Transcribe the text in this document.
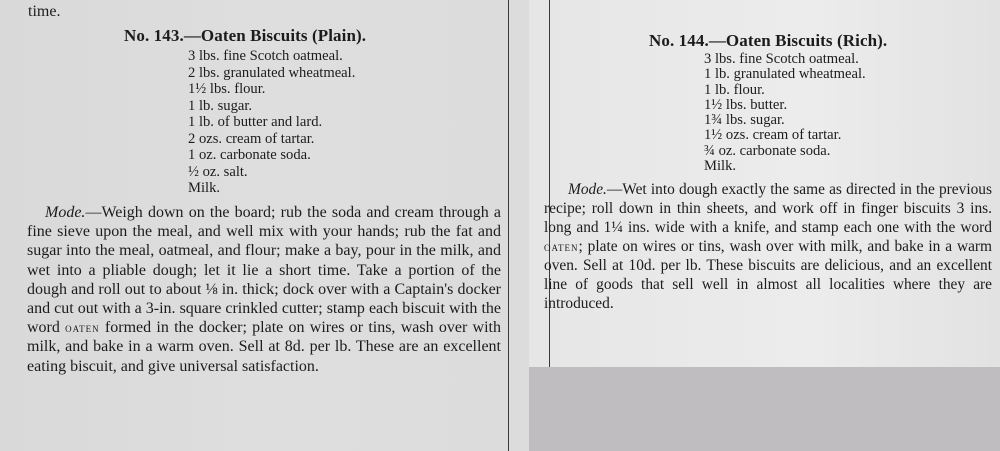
time.
No. 143.—Oaten Biscuits (Plain).
3 lbs. fine Scotch oatmeal.
2 lbs. granulated wheatmeal.
1½ lbs. flour.
1 lb. sugar.
1 lb. of butter and lard.
2 ozs. cream of tartar.
1 oz. carbonate soda.
½ oz. salt.
Milk.
Mode.—Weigh down on the board; rub the soda and cream through a fine sieve upon the meal, and well mix with your hands; rub the fat and sugar into the meal, oatmeal, and flour; make a bay, pour in the milk, and wet into a pliable dough; let it lie a short time. Take a portion of the dough and roll out to about ⅛ in. thick; dock over with a Captain's docker and cut out with a 3-in. square crinkled cutter; stamp each biscuit with the word oaten formed in the docker; plate on wires or tins, wash over with milk, and bake in a warm oven. Sell at 8d. per lb. These are an excellent eating biscuit, and give universal satisfaction.
No. 144.—Oaten Biscuits (Rich).
3 lbs. fine Scotch oatmeal.
1 lb. granulated wheatmeal.
1 lb. flour.
1½ lbs. butter.
1¾ lbs. sugar.
1½ ozs. cream of tartar.
¾ oz. carbonate soda.
Milk.
Mode.—Wet into dough exactly the same as directed in the previous recipe; roll down in thin sheets, and work off in finger biscuits 3 ins. long and 1¼ ins. wide with a knife, and stamp each one with the word oaten; plate on wires or tins, wash over with milk, and bake in a warm oven. Sell at 10d. per lb. These biscuits are delicious, and an excellent line of goods that sell well in almost all localities where they are introduced.
